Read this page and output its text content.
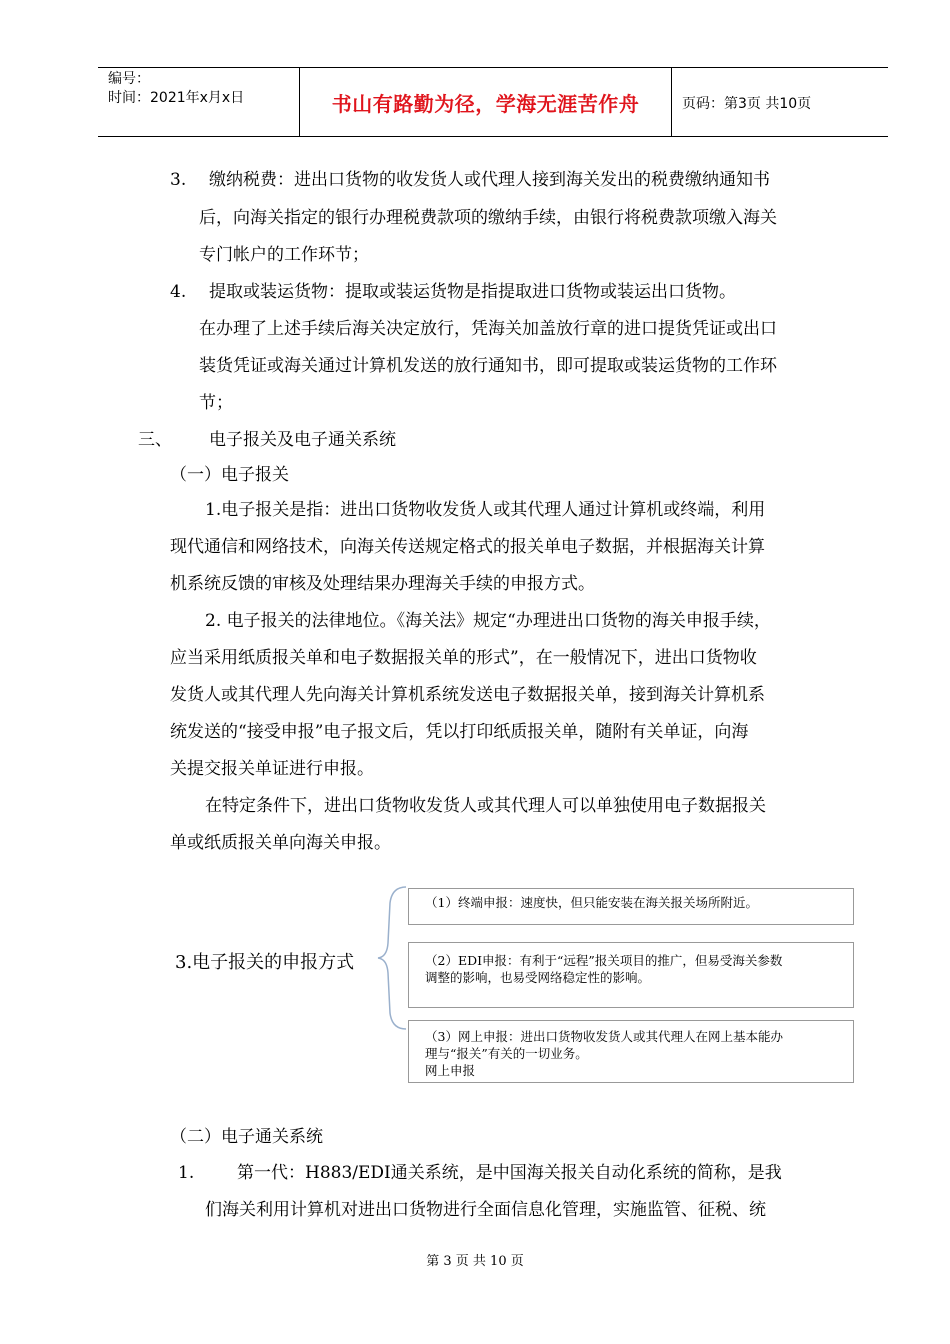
编号：
时间：2021年x月x日	书山有路勤为径，学海无涯苦作舟	页码：第3页 共10页
3. 缴纳税费：进出口货物的收发货人或代理人接到海关发出的税费缴纳通知书
后，向海关指定的银行办理税费款项的缴纳手续，由银行将税费款项缴入海关
专门帐户的工作环节；
4. 提取或装运货物：提取或装运货物是指提取进口货物或装运出口货物。
在办理了上述手续后海关决定放行，凭海关加盖放行章的进口提货凭证或出口
装货凭证或海关通过计算机发送的放行通知书，即可提取或装运货物的工作环
节；
三、 电子报关及电子通关系统
（一）电子报关
1.电子报关是指：进出口货物收发货人或其代理人通过计算机或终端，利用
现代通信和网络技术，向海关传送规定格式的报关单电子数据，并根据海关计算
机系统反馈的审核及处理结果办理海关手续的申报方式。
2. 电子报关的法律地位。《海关法》规定“办理进出口货物的海关申报手续，
应当采用纸质报关单和电子数据报关单的形式”，在一般情况下，进出口货物收
发货人或其代理人先向海关计算机系统发送电子数据报关单，接到海关计算机系
统发送的“接受申报”电子报文后，凭以打印纸质报关单，随附有关单证，向海
关提交报关单证进行申报。
在特定条件下，进出口货物收发货人或其代理人可以单独使用电子数据报关
单或纸质报关单向海关申报。
3.电子报关的申报方式
（1）终端申报：速度快，但只能安装在海关报关场所附近。
（2）EDI申报：有利于“远程”报关项目的推广，但易受海关参数
调整的影响，也易受网络稳定性的影响。
（3）网上申报：进出口货物收发货人或其代理人在网上基本能办
理与“报关”有关的一切业务。
网上申报
（二）电子通关系统
1.	第一代：H883/EDI通关系统，是中国海关报关自动化系统的简称，是我
们海关利用计算机对进出口货物进行全面信息化管理，实施监管、征税、统
第 3 页 共 10 页
